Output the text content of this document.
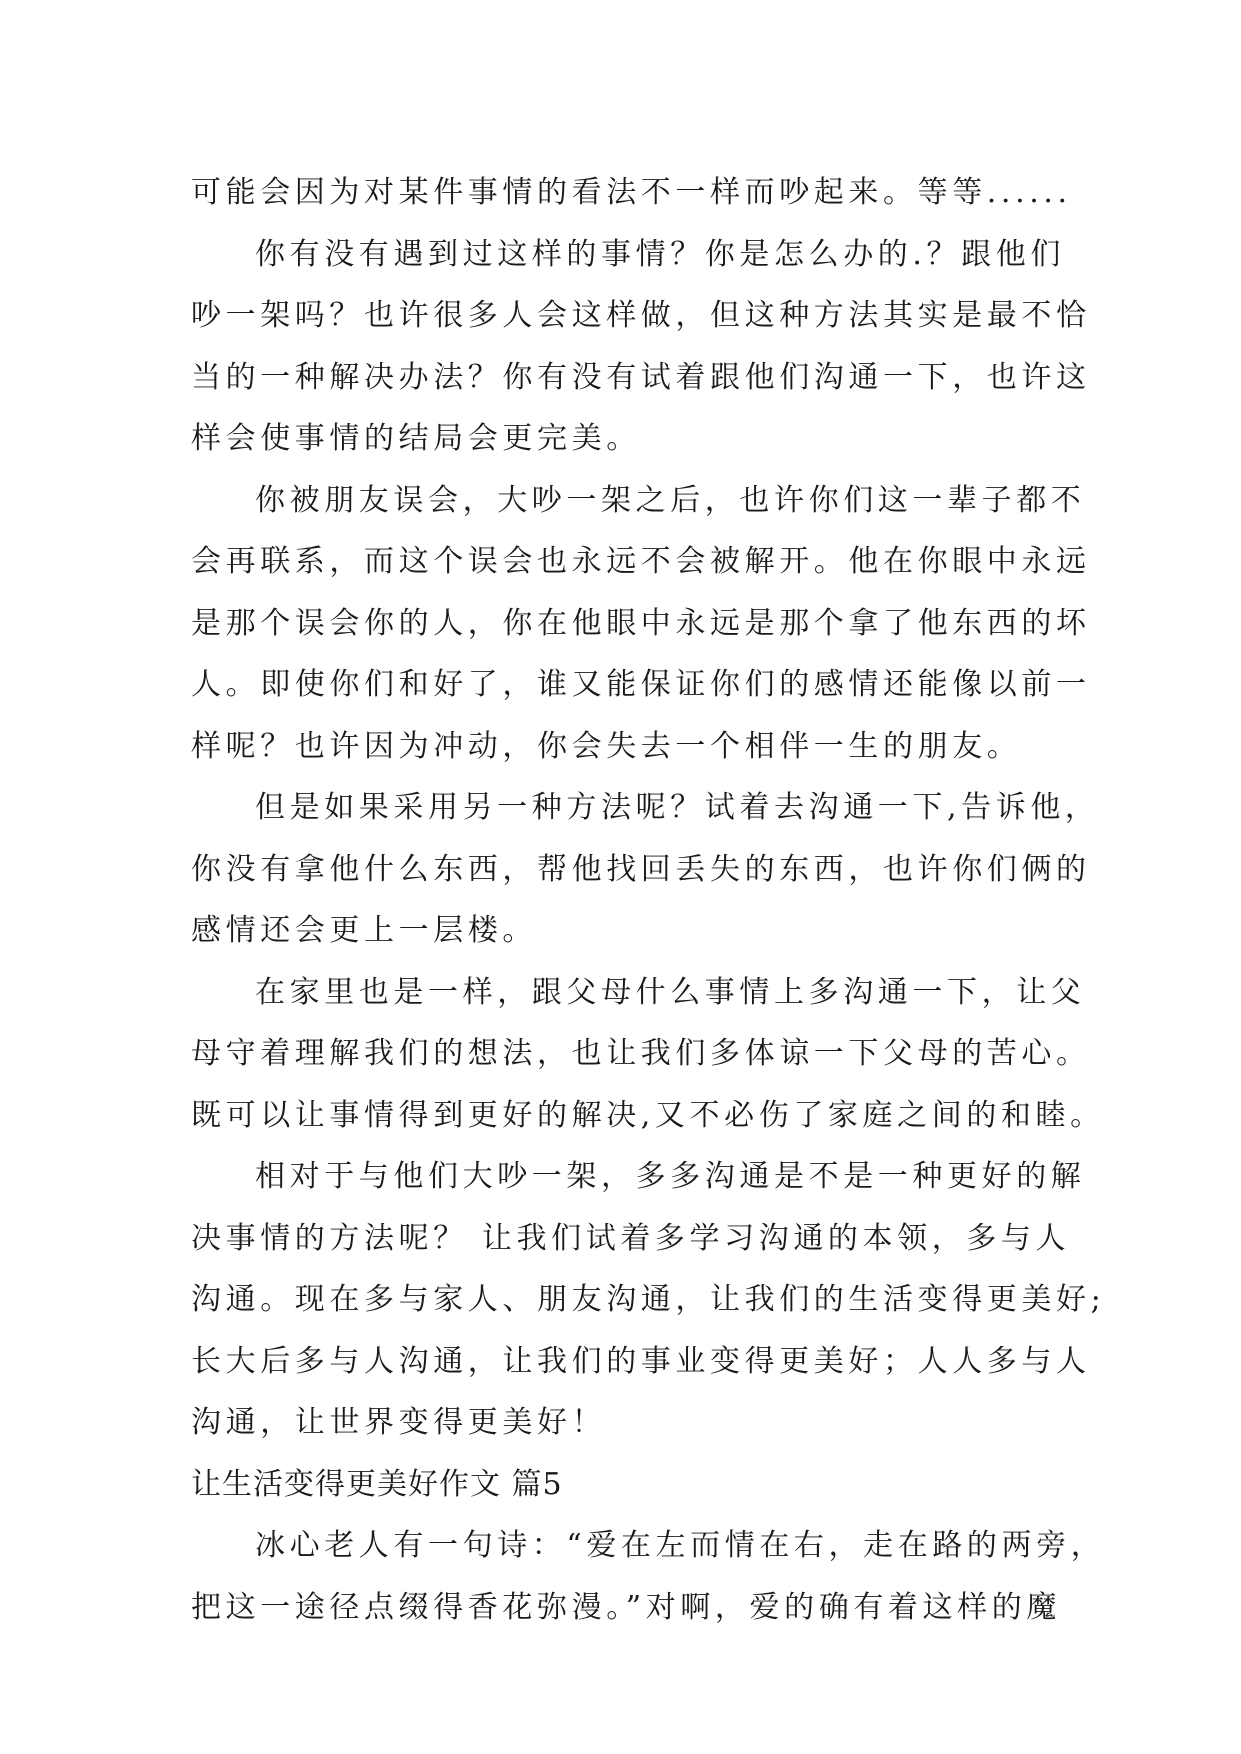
可能会因为对某件事情的看法不一样而吵起来。等等......
你有没有遇到过这样的事情？你是怎么办的.？跟他们
吵一架吗？也许很多人会这样做，但这种方法其实是最不恰
当的一种解决办法？你有没有试着跟他们沟通一下，也许这
样会使事情的结局会更完美。
你被朋友误会，大吵一架之后，也许你们这一辈子都不
会再联系，而这个误会也永远不会被解开。他在你眼中永远
是那个误会你的人，你在他眼中永远是那个拿了他东西的坏
人。即使你们和好了，谁又能保证你们的感情还能像以前一
样呢？也许因为冲动，你会失去一个相伴一生的朋友。
但是如果采用另一种方法呢？试着去沟通一下,告诉他，
你没有拿他什么东西，帮他找回丢失的东西，也许你们俩的
感情还会更上一层楼。
在家里也是一样，跟父母什么事情上多沟通一下，让父
母守着理解我们的想法，也让我们多体谅一下父母的苦心。
既可以让事情得到更好的解决,又不必伤了家庭之间的和睦。
相对于与他们大吵一架，多多沟通是不是一种更好的解
决事情的方法呢？ 让我们试着多学习沟通的本领，多与人
沟通。现在多与家人、朋友沟通，让我们的生活变得更美好;
长大后多与人沟通，让我们的事业变得更美好；人人多与人
沟通，让世界变得更美好！
让生活变得更美好作文 篇5
冰心老人有一句诗：“爱在左而情在右，走在路的两旁，
把这一途径点缀得香花弥漫。”对啊，爱的确有着这样的魔
